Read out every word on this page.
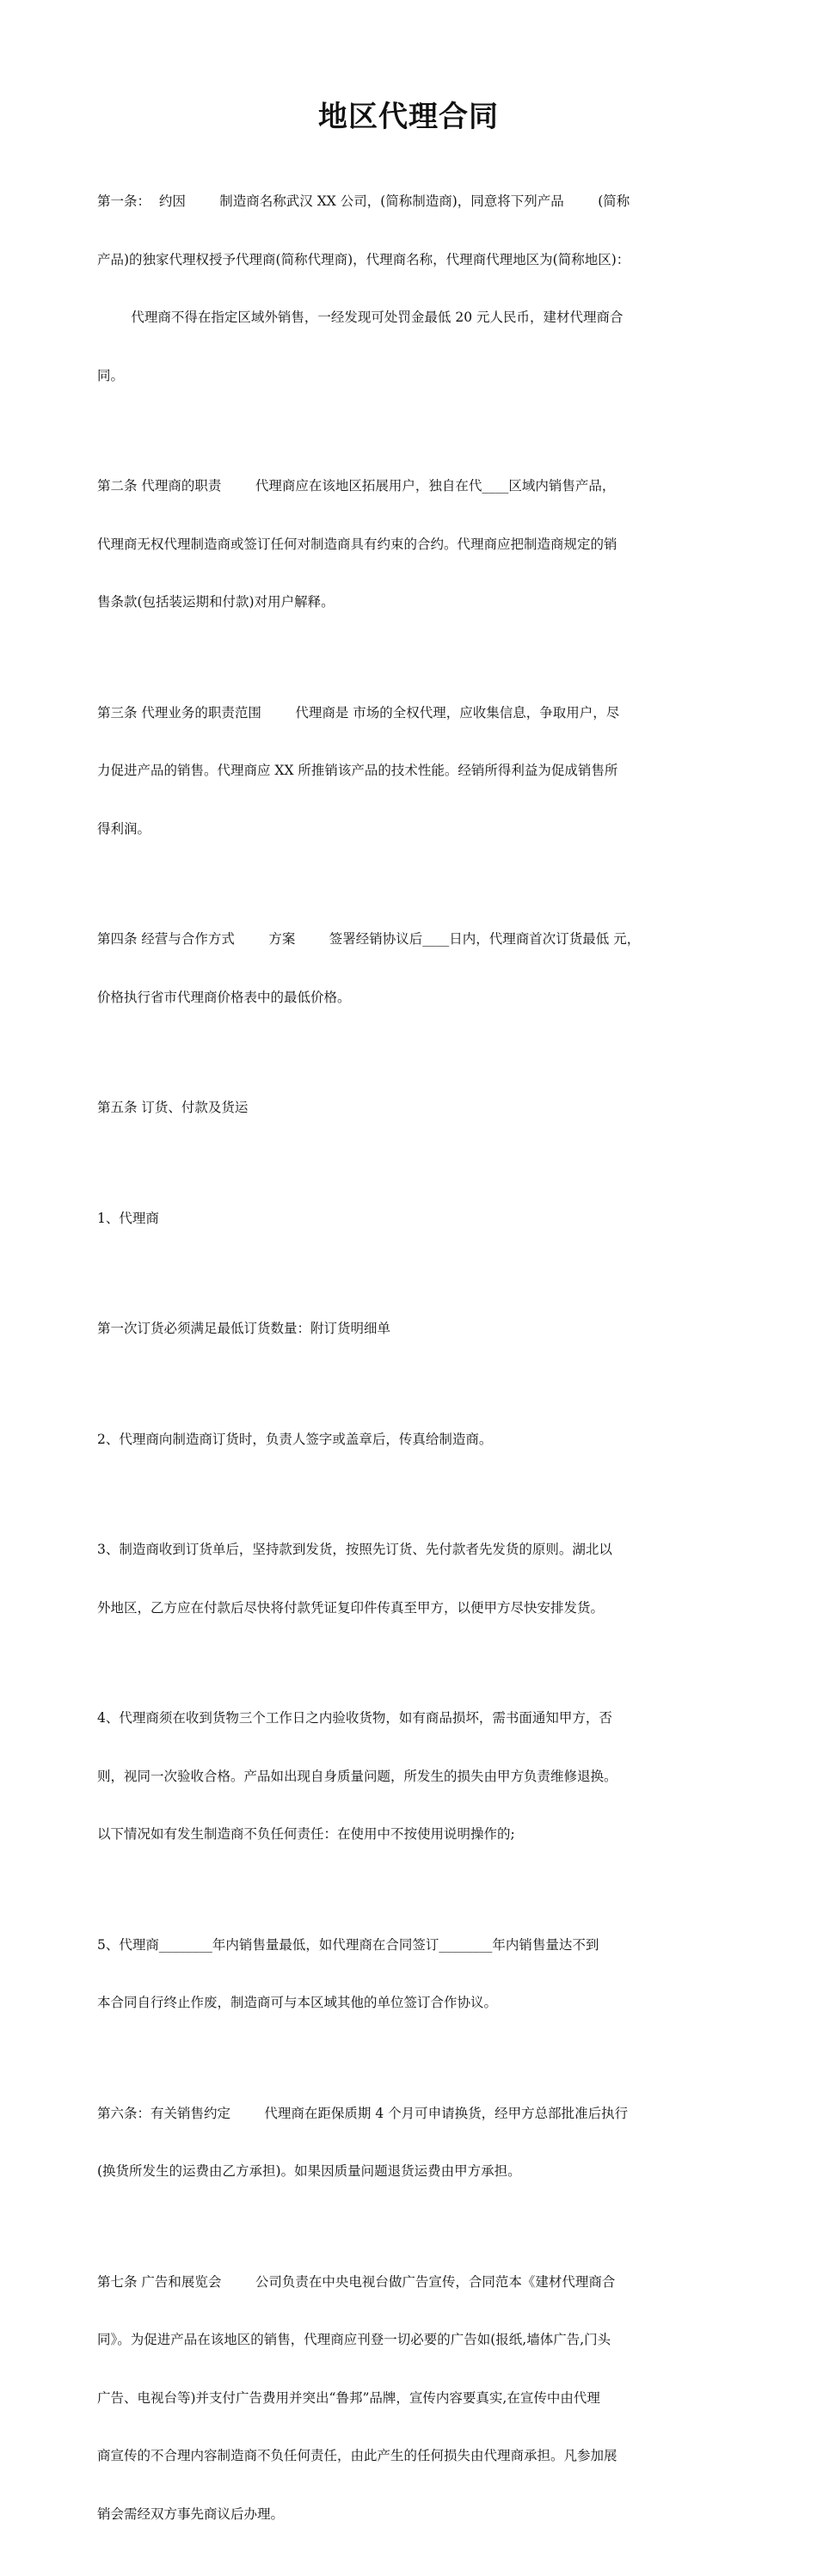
地区代理合同

第一条：  约因        制造商名称武汉 XX 公司，(简称制造商)，同意将下列产品        (简称

产品)的独家代理权授予代理商(简称代理商)，代理商名称，代理商代理地区为(简称地区)：

代理商不得在指定区域外销售，一经发现可处罚金最低 20 元人民币，建材代理商合

同。

第二条 代理商的职责        代理商应在该地区拓展用户，独自在代____区域内销售产品，

代理商无权代理制造商或签订任何对制造商具有约束的合约。代理商应把制造商规定的销

售条款(包括装运期和付款)对用户解释。

第三条 代理业务的职责范围        代理商是 市场的全权代理，应收集信息，争取用户，尽

力促进产品的销售。代理商应 XX 所推销该产品的技术性能。经销所得利益为促成销售所

得利润。

第四条 经营与合作方式        方案        签署经销协议后____日内，代理商首次订货最低 元，

价格执行省市代理商价格表中的最低价格。

第五条 订货、付款及货运

1、代理商

第一次订货必须满足最低订货数量：附订货明细单

2、代理商向制造商订货时，负责人签字或盖章后，传真给制造商。

3、制造商收到订货单后，坚持款到发货，按照先订货、先付款者先发货的原则。湖北以

外地区，乙方应在付款后尽快将付款凭证复印件传真至甲方，以便甲方尽快安排发货。

4、代理商须在收到货物三个工作日之内验收货物，如有商品损坏，需书面通知甲方，否

则，视同一次验收合格。产品如出现自身质量问题，所发生的损失由甲方负责维修退换。

以下情况如有发生制造商不负任何责任：在使用中不按使用说明操作的;

5、代理商________年内销售量最低，如代理商在合同签订________年内销售量达不到

本合同自行终止作废，制造商可与本区域其他的单位签订合作协议。

第六条：有关销售约定        代理商在距保质期 4 个月可申请换货，经甲方总部批准后执行

(换货所发生的运费由乙方承担)。如果因质量问题退货运费由甲方承担。

第七条 广告和展览会        公司负责在中央电视台做广告宣传，合同范本《建材代理商合

同》。为促进产品在该地区的销售，代理商应刊登一切必要的广告如(报纸,墙体广告,门头

广告、电视台等)并支付广告费用并突出“鲁邦”品牌，宣传内容要真实,在宣传中由代理

商宣传的不合理内容制造商不负任何责任，由此产生的任何损失由代理商承担。凡参加展

销会需经双方事先商议后办理。
